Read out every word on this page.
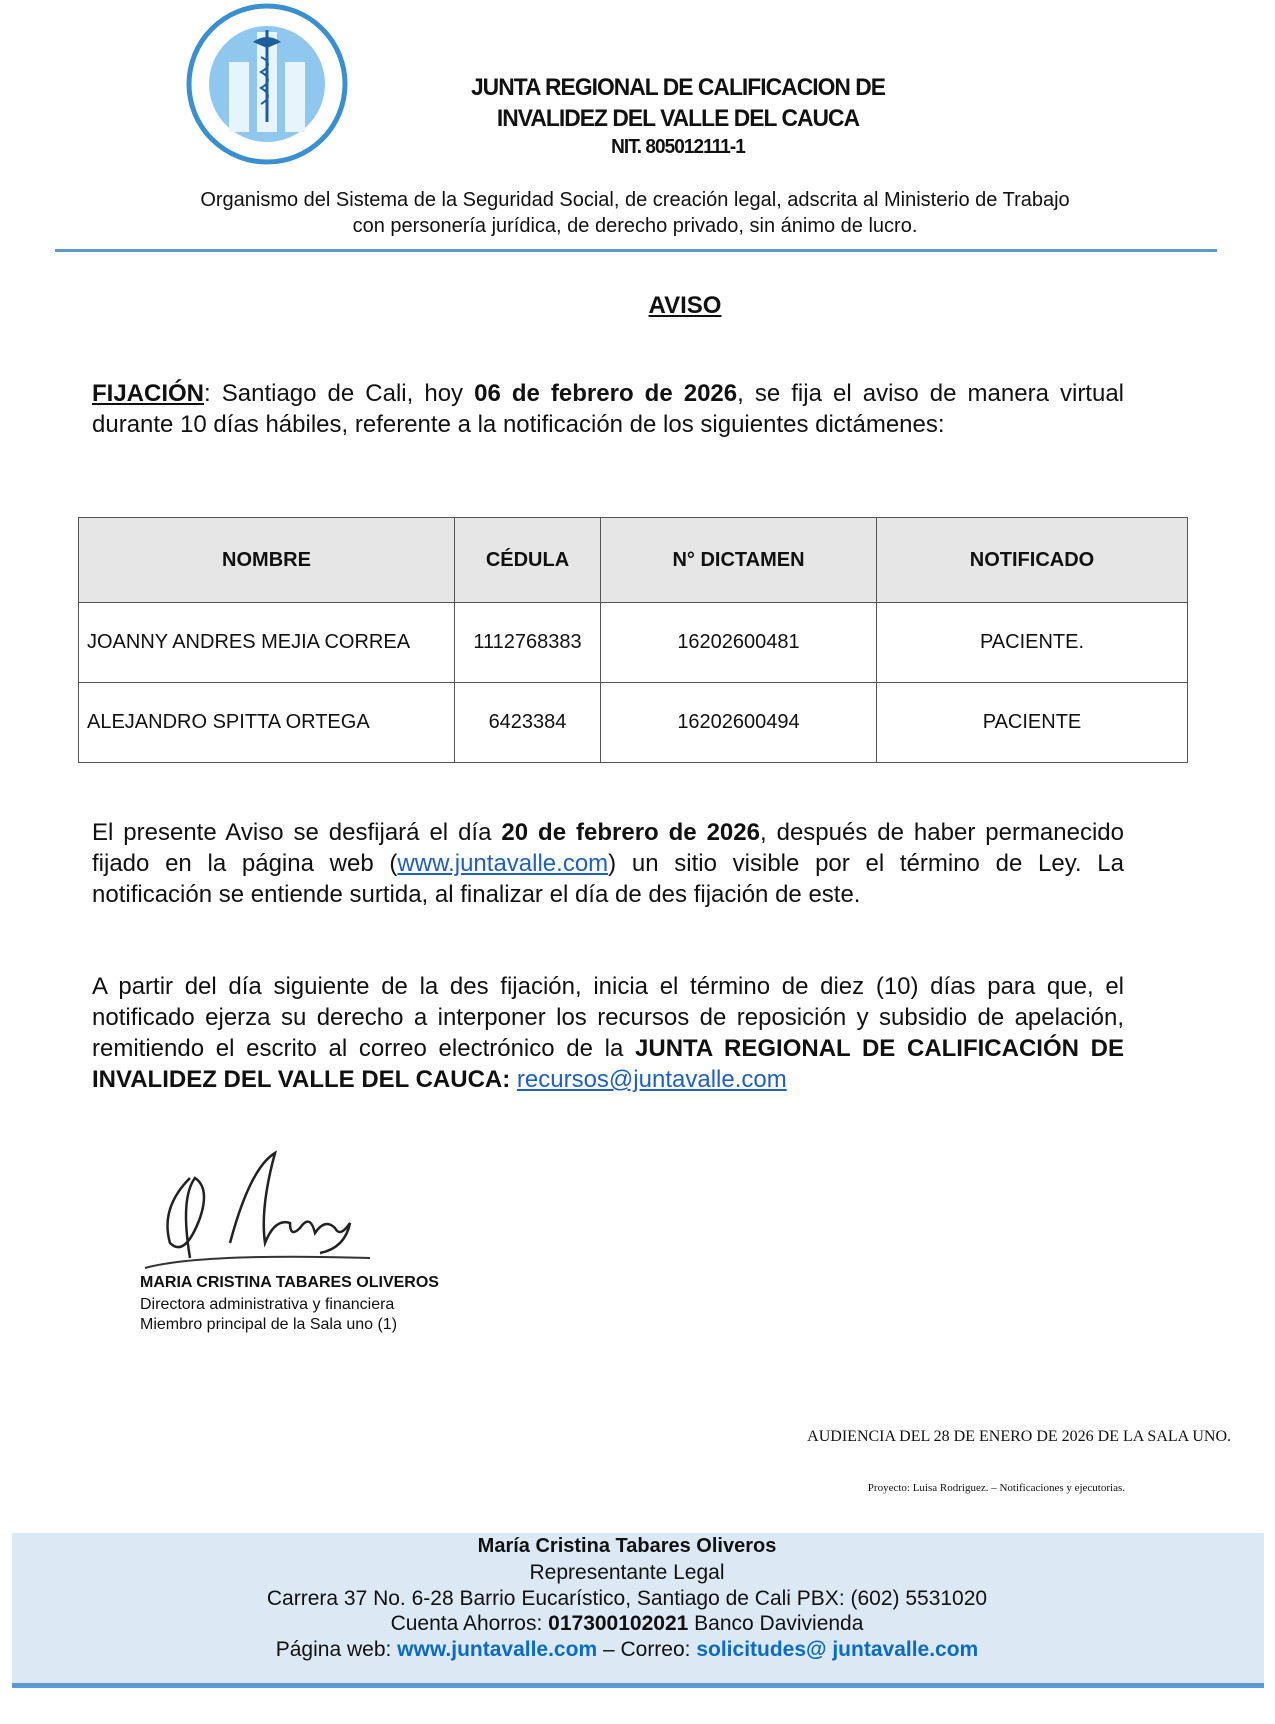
JUNTA REGIONAL DE CALIFICACION DE
INVALIDEZ DEL VALLE DEL CAUCA
NIT. 805012111-1
Organismo del Sistema de la Seguridad Social, de creación legal, adscrita al Ministerio de Trabajo
con personería jurídica, de derecho privado, sin ánimo de lucro.
AVISO
FIJACIÓN: Santiago de Cali, hoy 06 de febrero de 2026, se fija el aviso de manera virtual durante 10 días hábiles, referente a la notificación de los siguientes dictámenes:
NOMBRE	CÉDULA	N° DICTAMEN	NOTIFICADO
JOANNY ANDRES MEJIA CORREA	1112768383	16202600481	PACIENTE.
ALEJANDRO SPITTA ORTEGA	6423384	16202600494	PACIENTE
El presente Aviso se desfijará el día 20 de febrero de 2026, después de haber permanecido fijado en la página web (www.juntavalle.com) un sitio visible por el término de Ley. La notificación se entiende surtida, al finalizar el día de des fijación de este.
A partir del día siguiente de la des fijación, inicia el término de diez (10) días para que, el notificado ejerza su derecho a interponer los recursos de reposición y subsidio de apelación, remitiendo el escrito al correo electrónico de la JUNTA REGIONAL DE CALIFICACIÓN DE INVALIDEZ DEL VALLE DEL CAUCA: recursos@juntavalle.com
MARIA CRISTINA TABARES OLIVEROS
Directora administrativa y financiera
Miembro principal de la Sala uno (1)
AUDIENCIA DEL 28 DE ENERO DE 2026 DE LA SALA UNO.
Proyecto: Luisa Rodriguez. – Notificaciones y ejecutorias.
María Cristina Tabares Oliveros
Representante Legal
Carrera 37 No. 6-28 Barrio Eucarístico, Santiago de Cali PBX: (602) 5531020
Cuenta Ahorros: 017300102021 Banco Davivienda
Página web: www.juntavalle.com – Correo: solicitudes@ juntavalle.com
